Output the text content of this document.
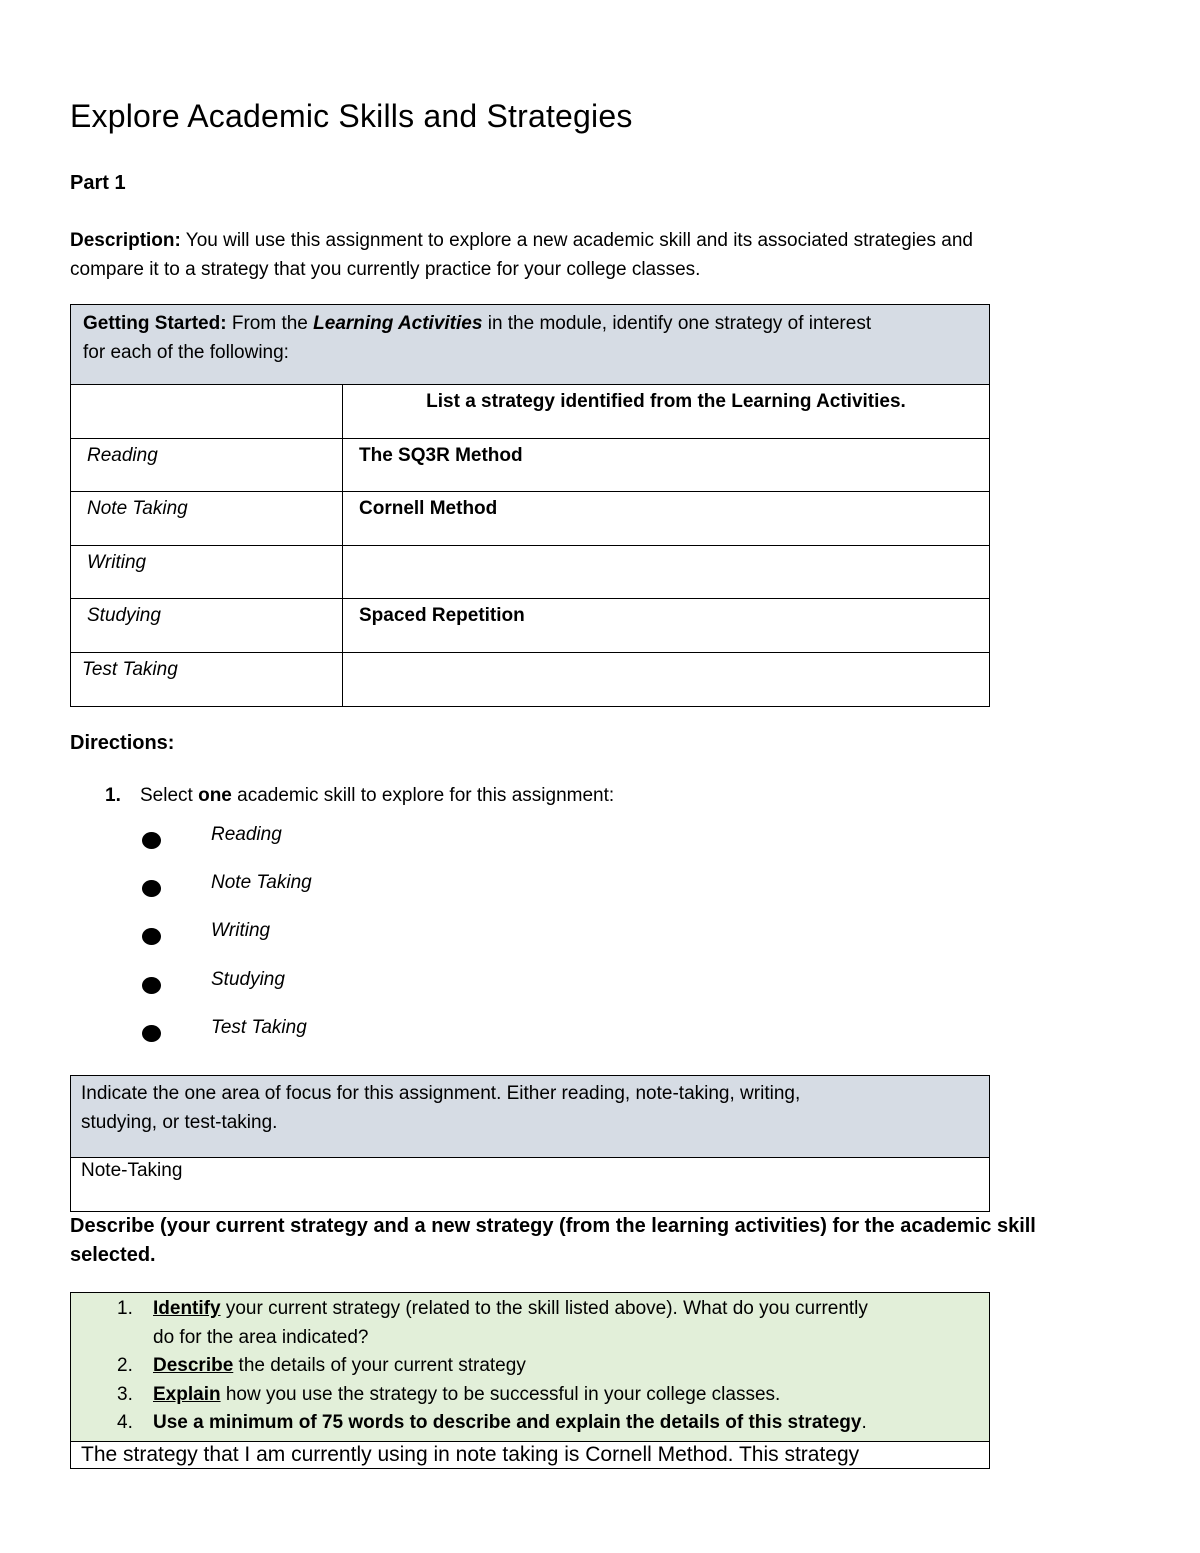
Explore Academic Skills and Strategies
Part 1
Description: You will use this assignment to explore a new academic skill and its associated strategies and
compare it to a strategy that you currently practice for your college classes.
Getting Started: From the Learning Activities in the module, identify one strategy of interest
for each of the following:
List a strategy identified from the Learning Activities.
Reading	The SQ3R Method
Note Taking	Cornell Method
Writing
Studying	Spaced Repetition
Test Taking
Directions:
1. Select one academic skill to explore for this assignment:
Reading
Note Taking
Writing
Studying
Test Taking
Indicate the one area of focus for this assignment. Either reading, note-taking, writing,
studying, or test-taking.
Note-Taking
Describe (your current strategy and a new strategy (from the learning activities) for the academic skill
selected.
1. Identify your current strategy (related to the skill listed above). What do you currently
do for the area indicated?
2. Describe the details of your current strategy
3. Explain how you use the strategy to be successful in your college classes.
4. Use a minimum of 75 words to describe and explain the details of this strategy.
The strategy that I am currently using in note taking is Cornell Method. This strategy
